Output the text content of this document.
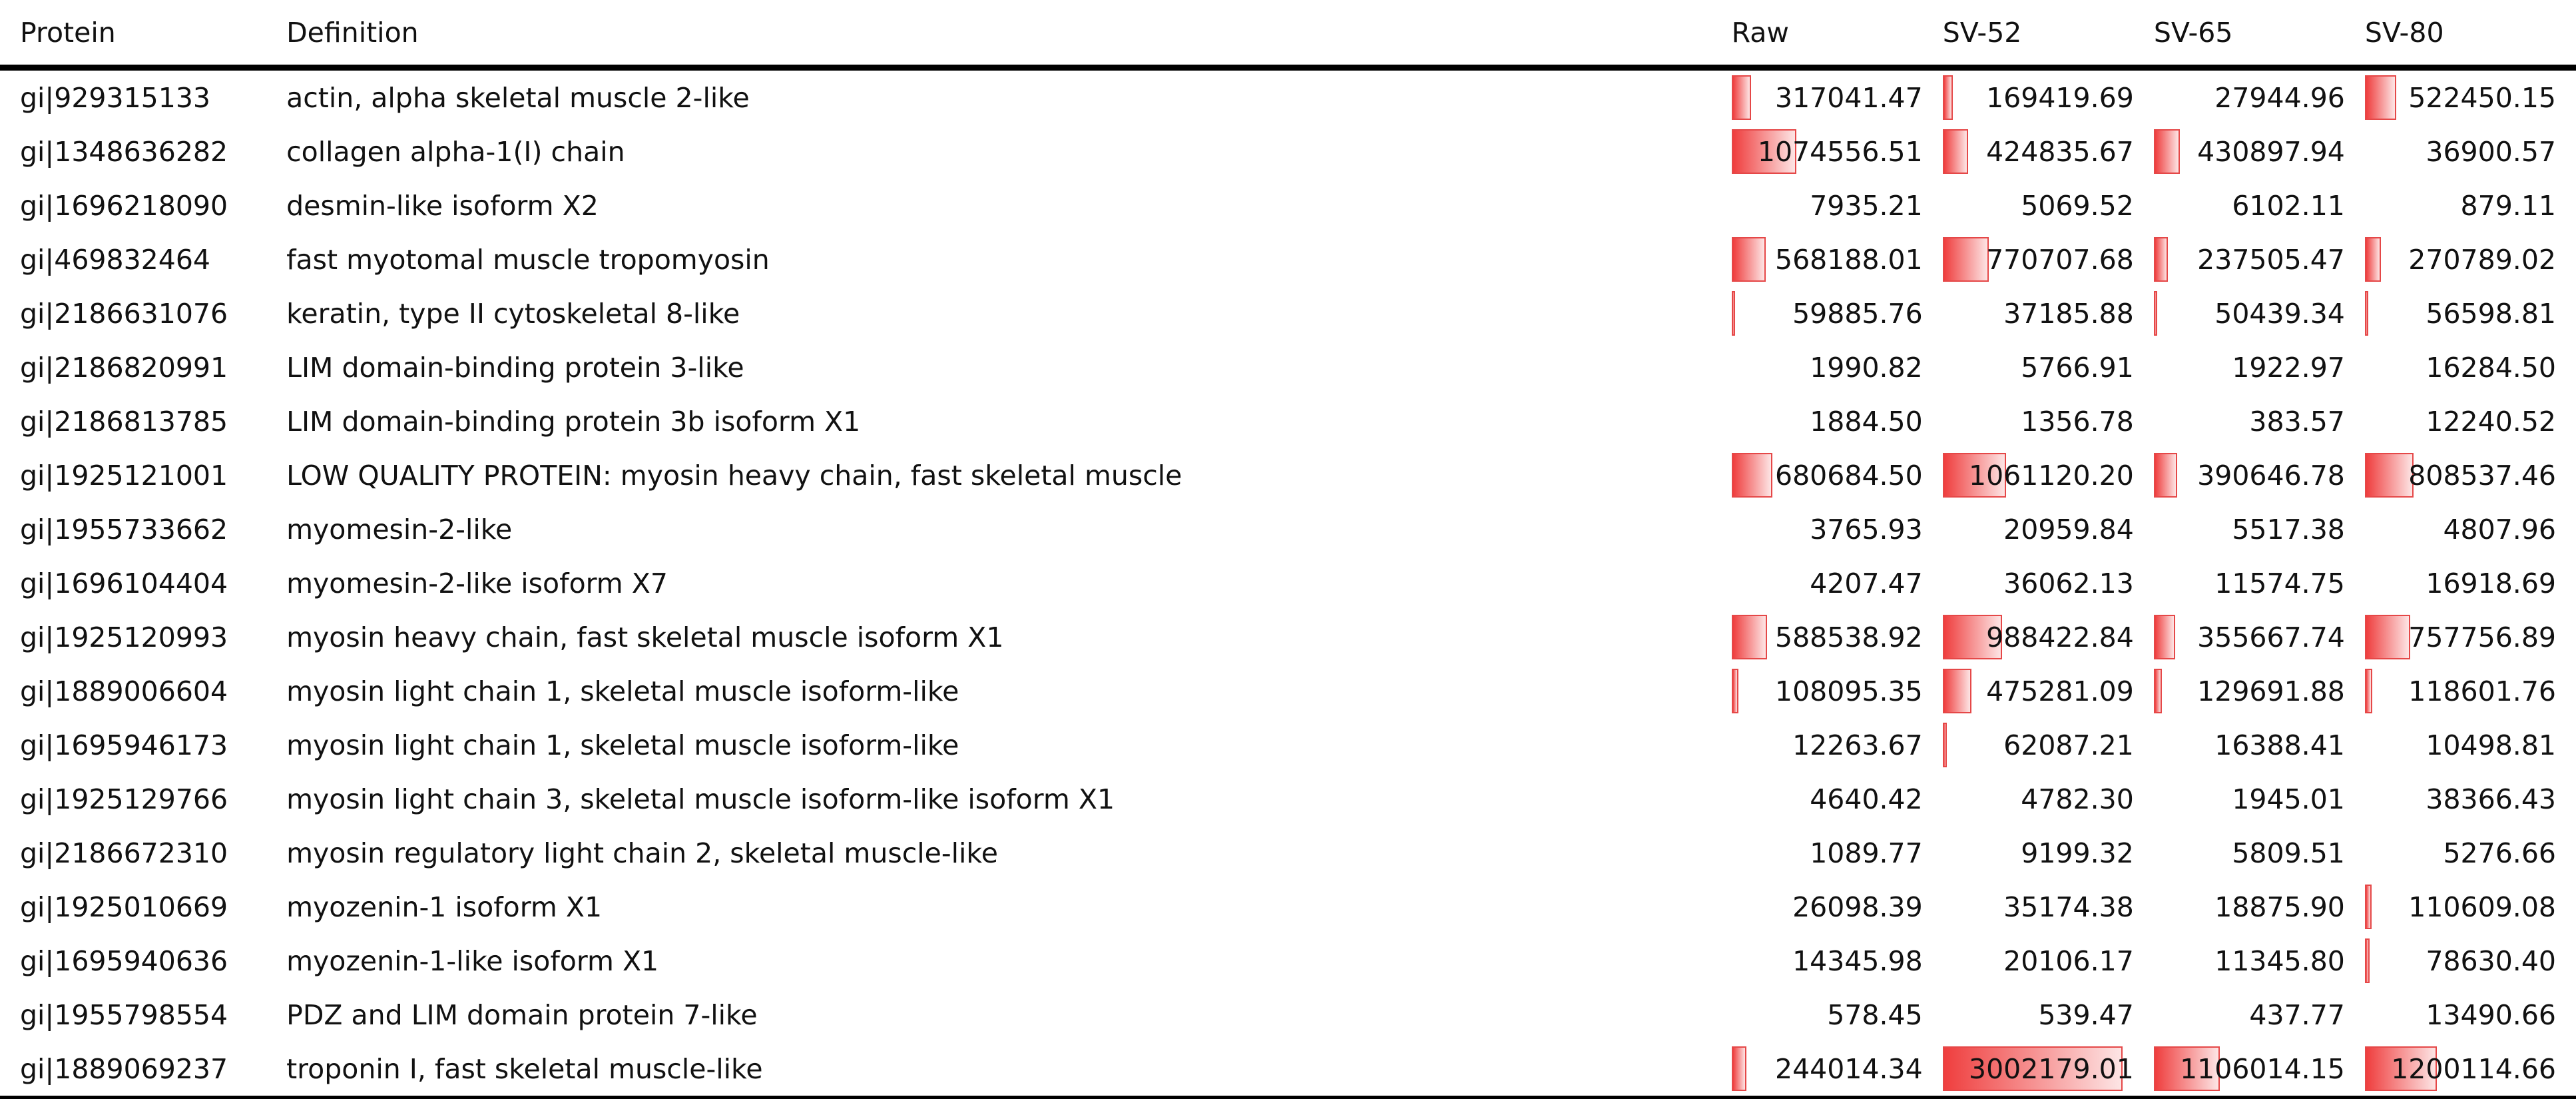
Protein	Definition	Raw	SV-52	SV-65	SV-80
gi|929315133	actin, alpha skeletal muscle 2-like	317041.47	169419.69	27944.96	522450.15
gi|1348636282	collagen alpha-1(I) chain	1074556.51	424835.67	430897.94	36900.57
gi|1696218090	desmin-like isoform X2	7935.21	5069.52	6102.11	879.11
gi|469832464	fast myotomal muscle tropomyosin	568188.01	770707.68	237505.47	270789.02
gi|2186631076	keratin, type II cytoskeletal 8-like	59885.76	37185.88	50439.34	56598.81
gi|2186820991	LIM domain-binding protein 3-like	1990.82	5766.91	1922.97	16284.50
gi|2186813785	LIM domain-binding protein 3b isoform X1	1884.50	1356.78	383.57	12240.52
gi|1925121001	LOW QUALITY PROTEIN: myosin heavy chain, fast skeletal muscle	680684.50	1061120.20	390646.78	808537.46
gi|1955733662	myomesin-2-like	3765.93	20959.84	5517.38	4807.96
gi|1696104404	myomesin-2-like isoform X7	4207.47	36062.13	11574.75	16918.69
gi|1925120993	myosin heavy chain, fast skeletal muscle isoform X1	588538.92	988422.84	355667.74	757756.89
gi|1889006604	myosin light chain 1, skeletal muscle isoform-like	108095.35	475281.09	129691.88	118601.76
gi|1695946173	myosin light chain 1, skeletal muscle isoform-like	12263.67	62087.21	16388.41	10498.81
gi|1925129766	myosin light chain 3, skeletal muscle isoform-like isoform X1	4640.42	4782.30	1945.01	38366.43
gi|2186672310	myosin regulatory light chain 2, skeletal muscle-like	1089.77	9199.32	5809.51	5276.66
gi|1925010669	myozenin-1 isoform X1	26098.39	35174.38	18875.90	110609.08
gi|1695940636	myozenin-1-like isoform X1	14345.98	20106.17	11345.80	78630.40
gi|1955798554	PDZ and LIM domain protein 7-like	578.45	539.47	437.77	13490.66
gi|1889069237	troponin I, fast skeletal muscle-like	244014.34	3002179.01	1106014.15	1200114.66
